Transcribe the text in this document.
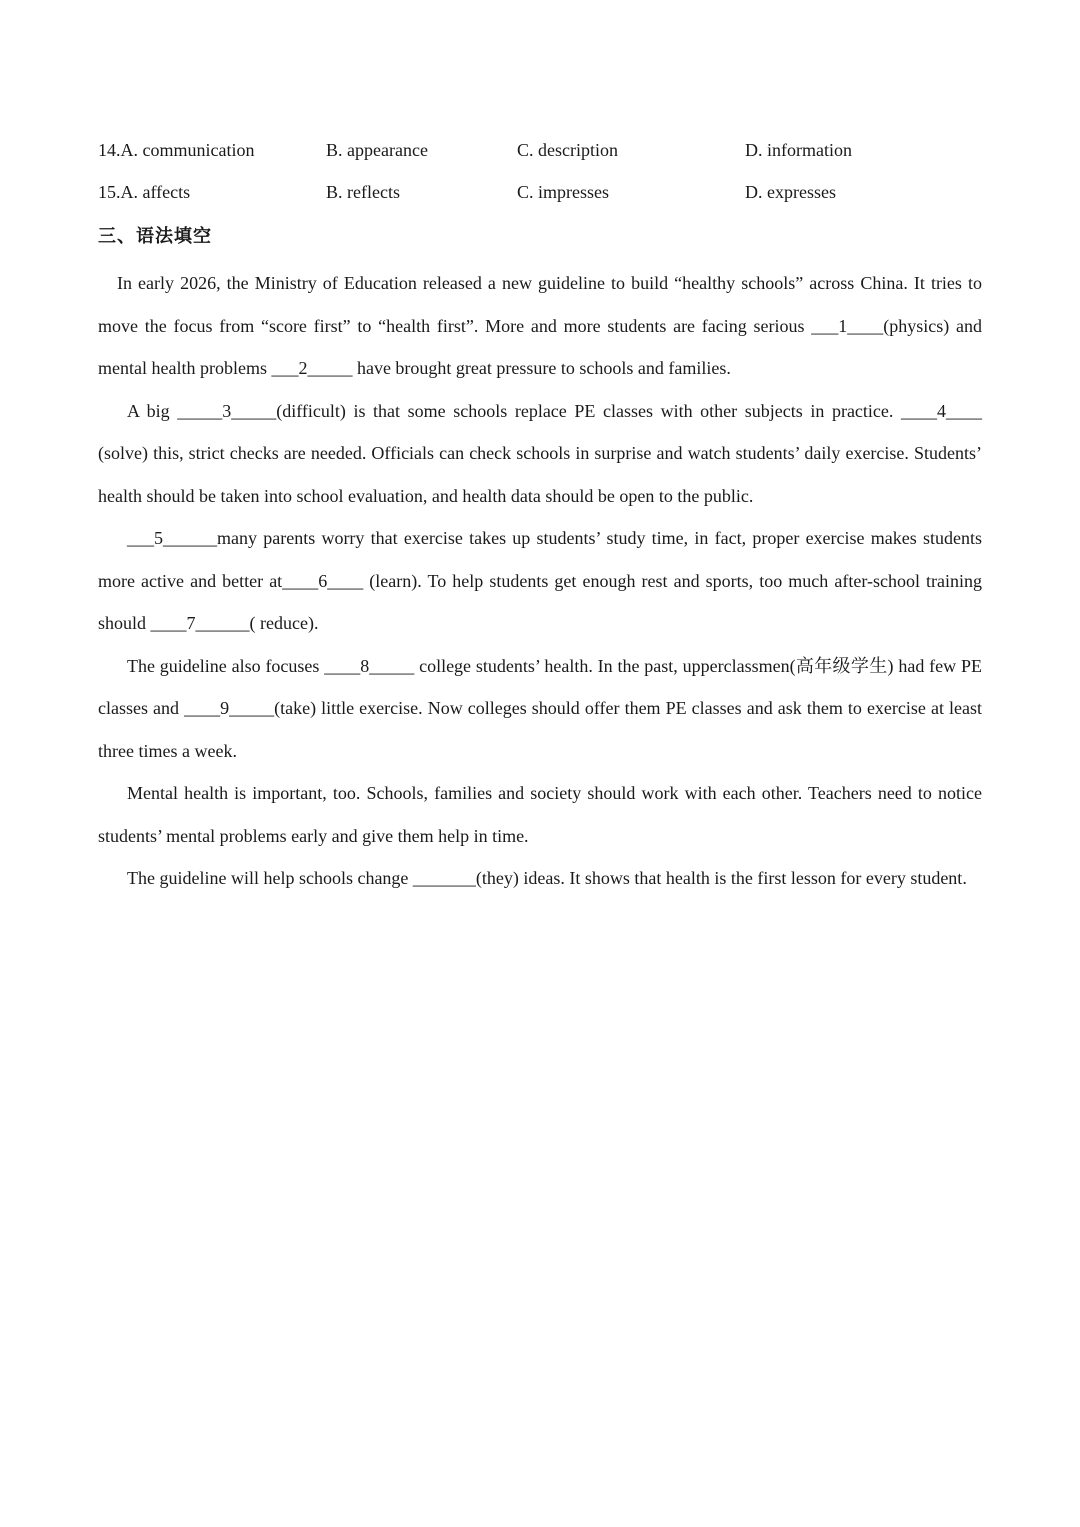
14.A. communication	B. appearance	C. description	D. information
15.A. affects	B. reflects	C. impresses	D. expresses
三、语法填空

In early 2026, the Ministry of Education released a new guideline to build “healthy schools” across China. It tries to move the focus from “score first” to “health first”. More and more students are facing serious ___1____(physics) and mental health problems ___2_____ have brought great pressure to schools and families.

A big _____3_____(difficult) is that some schools replace PE classes with other subjects in practice. ____4____ (solve) this, strict checks are needed. Officials can check schools in surprise and watch students’ daily exercise. Students’ health should be taken into school evaluation, and health data should be open to the public.

___5______many parents worry that exercise takes up students’ study time, in fact, proper exercise makes students more active and better at____6____ (learn). To help students get enough rest and sports, too much after-school training should ____7______( reduce).

The guideline also focuses ____8_____ college students’ health. In the past, upperclassmen(高年级学生) had few PE classes and ____9_____(take) little exercise. Now colleges should offer them PE classes and ask them to exercise at least three times a week.

Mental health is important, too. Schools, families and society should work with each other. Teachers need to notice students’ mental problems early and give them help in time.

The guideline will help schools change _______(they) ideas. It shows that health is the first lesson for every student.
